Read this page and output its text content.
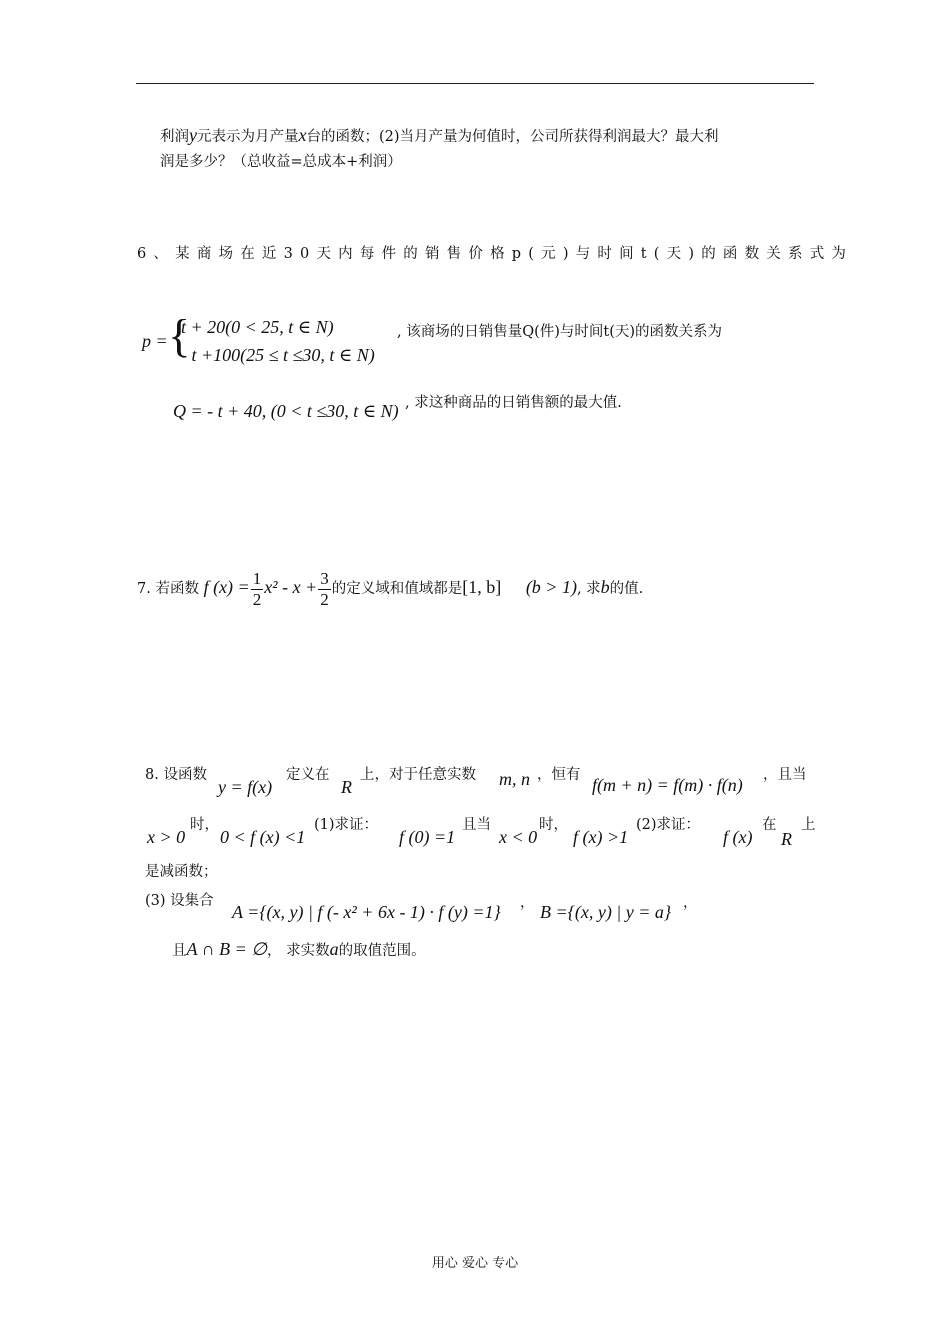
利润y元表示为月产量x台的函数；(2)当月产量为何值时，公司所获得利润最大？最大利
润是多少？（总收益=总成本+利润）
6、某商场在近30天内每件的销售价格p(元)与时间t(天)的函数关系式为
p = {
t + 20(0 < 25, t ∈ N)
- t +100(25 ≤ t ≤30, t ∈ N)
, 该商场的日销售量Q(件)与时间t(天)的函数关系为
Q = - t + 40, (0 < t ≤30, t ∈ N) , 求这种商品的日销售额的最大值.
7. 若函数 f $(x) = \frac{1}{2} x^2 - x + \frac{3}{2}$ 的定义域和值域都是[1, b] (b > 1), 求b的值.
8. 设函数
y = f(x)
定义在
R
上，对于任意实数 m, n ，恒有 f(m + n) = f(m) · f(n) ，且当
x > 0
时，
0 < f (x) <1
(1)求证：
f (0) =1
且当
x < 0
时，
f (x) >1
(2)求证：
f (x)
在
R
上
是减函数；
(3) 设集合
A ={(x, y) | f (- x² + 6x - 1) · f (y) =1} ， B ={(x, y) | y = a} ，
且A ∩ B = ∅， 求实数a的取值范围。
用心 爱心 专心
